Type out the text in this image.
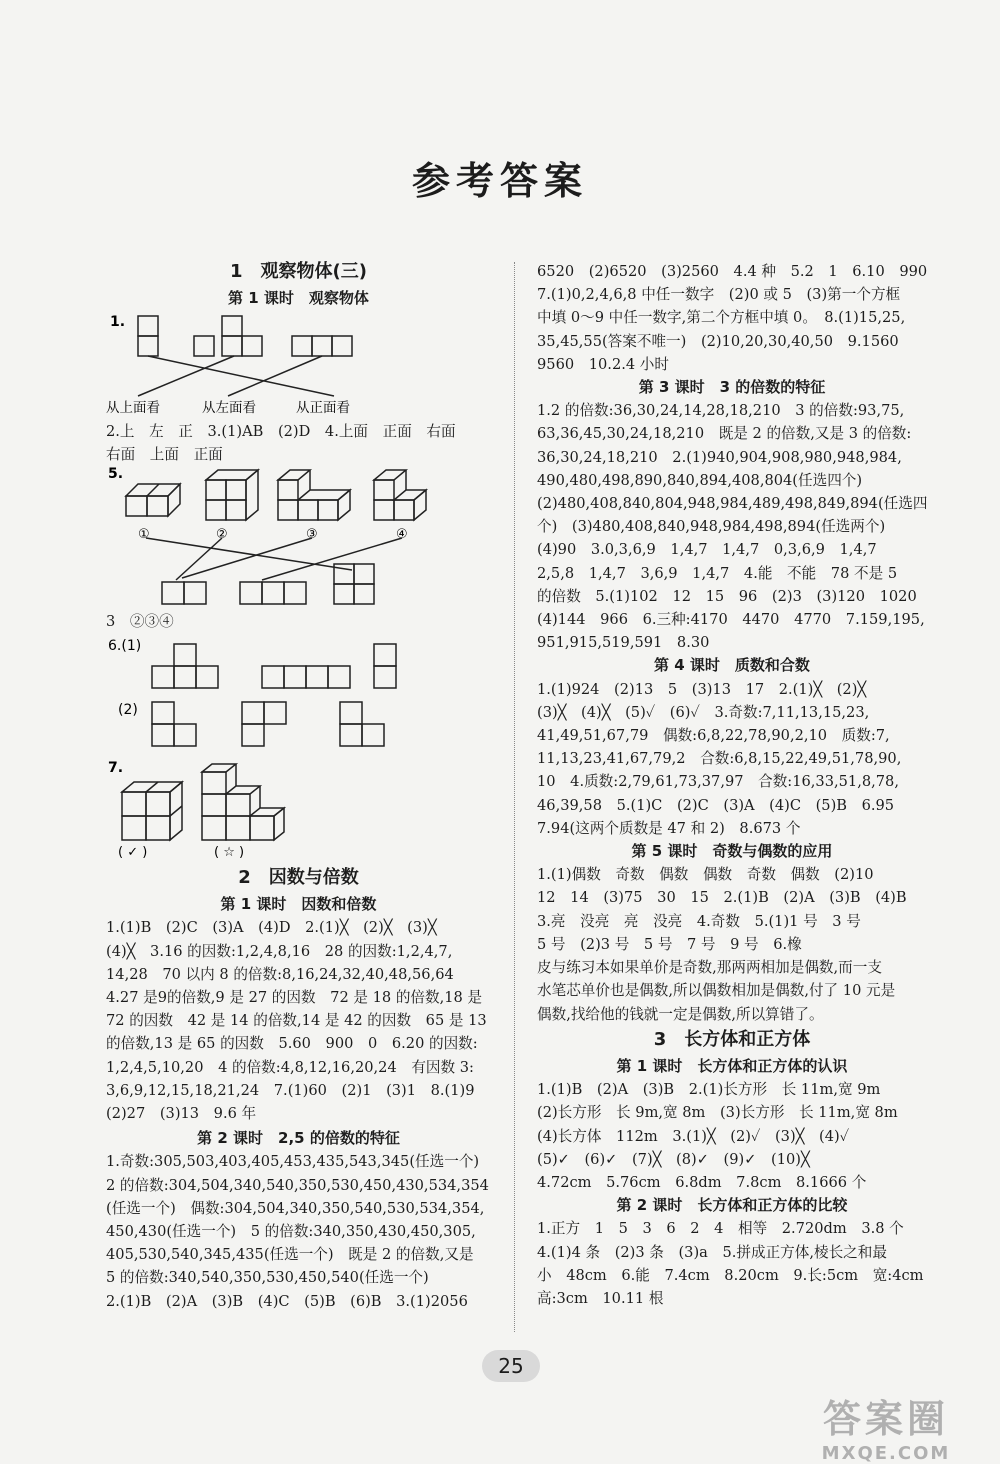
参考答案
1　观察物体(三)
第 1 课时　观察物体
1.
从上面看	从左面看	从正面看
2.上　左　正　3.(1)AB　(2)D　4.上面　正面　右面
右面　上面　正面
5.
①	②	③	④
3　②③④
6.(1)
(2)
7.
( ✓ )	( ☆ )
2　因数与倍数
第 1 课时　因数和倍数
1.(1)B　(2)C　(3)A　(4)D　2.(1)╳　(2)╳　(3)╳
(4)╳　3.16 的因数:1,2,4,8,16　28 的因数:1,2,4,7,
14,28　70 以内 8 的倍数:8,16,24,32,40,48,56,64
4.27 是9的倍数,9 是 27 的因数　72 是 18 的倍数,18 是
72 的因数　42 是 14 的倍数,14 是 42 的因数　65 是 13
的倍数,13 是 65 的因数　5.60　900　0　6.20 的因数:
1,2,4,5,10,20　4 的倍数:4,8,12,16,20,24　有因数 3:
3,6,9,12,15,18,21,24　7.(1)60　(2)1　(3)1　8.(1)9
(2)27　(3)13　9.6 年
第 2 课时　2,5 的倍数的特征
1.奇数:305,503,403,405,453,435,543,345(任选一个)
2 的倍数:304,504,340,540,350,530,450,430,534,354
(任选一个)　偶数:304,504,340,350,540,530,534,354,
450,430(任选一个)　5 的倍数:340,350,430,450,305,
405,530,540,345,435(任选一个)　既是 2 的倍数,又是
5 的倍数:340,540,350,530,450,540(任选一个)
2.(1)B　(2)A　(3)B　(4)C　(5)B　(6)B　3.(1)2056
6520　(2)6520　(3)2560　4.4 种　5.2　1　6.10　990
7.(1)0,2,4,6,8 中任一数字　(2)0 或 5　(3)第一个方框
中填 0～9 中任一数字,第二个方框中填 0。　8.(1)15,25,
35,45,55(答案不唯一)　(2)10,20,30,40,50　9.1560
9560　10.2.4 小时
第 3 课时　3 的倍数的特征
1.2 的倍数:36,30,24,14,28,18,210　3 的倍数:93,75,
63,36,45,30,24,18,210　既是 2 的倍数,又是 3 的倍数:
36,30,24,18,210　2.(1)940,904,908,980,948,984,
490,480,498,890,840,894,408,804(任选四个)
(2)480,408,840,804,948,984,489,498,849,894(任选四
个)　(3)480,408,840,948,984,498,894(任选两个)
(4)90　3.0,3,6,9　1,4,7　1,4,7　0,3,6,9　1,4,7
2,5,8　1,4,7　3,6,9　1,4,7　4.能　不能　78 不是 5
的倍数　5.(1)102　12　15　96　(2)3　(3)120　1020
(4)144　966　6.三种:4170　4470　4770　7.159,195,
951,915,519,591　8.30
第 4 课时　质数和合数
1.(1)924　(2)13　5　(3)13　17　2.(1)╳　(2)╳
(3)╳　(4)╳　(5)✓　(6)✓　3.奇数:7,11,13,15,23,
41,49,51,67,79　偶数:6,8,22,78,90,2,10　质数:7,
11,13,23,41,67,79,2　合数:6,8,15,22,49,51,78,90,
10　4.质数:2,79,61,73,37,97　合数:16,33,51,8,78,
46,39,58　5.(1)C　(2)C　(3)A　(4)C　(5)B　6.95
7.94(这两个质数是 47 和 2)　8.673 个
第 5 课时　奇数与偶数的应用
1.(1)偶数　奇数　偶数　偶数　奇数　偶数　(2)10
12　14　(3)75　30　15　2.(1)B　(2)A　(3)B　(4)B
3.亮　没亮　亮　没亮　4.奇数　5.(1)1 号　3 号
5 号　(2)3 号　5 号　7 号　9 号　6.橡
皮与练习本如果单价是奇数,那两两相加是偶数,而一支
水笔芯单价也是偶数,所以偶数相加是偶数,付了 10 元是
偶数,找给他的钱就一定是偶数,所以算错了。
3　长方体和正方体
第 1 课时　长方体和正方体的认识
1.(1)B　(2)A　(3)B　2.(1)长方形　长 11m,宽 9m
(2)长方形　长 9m,宽 8m　(3)长方形　长 11m,宽 8m
(4)长方体　112m　3.(1)╳　(2)✓　(3)╳　(4)✓
(5)✓　(6)✓　(7)╳　(8)✓　(9)✓　(10)╳
4.72cm　5.76cm　6.8dm　7.8cm　8.1666 个
第 2 课时　长方体和正方体的比较
1.正方　1　5　3　6　2　4　相等　2.720dm　3.8 个
4.(1)4 条　(2)3 条　(3)a　5.拼成正方体,棱长之和最
小　48cm　6.能　7.4cm　8.20cm　9.长:5cm　宽:4cm
高:3cm　10.11 根
25
答案圈
MXQE.COM
